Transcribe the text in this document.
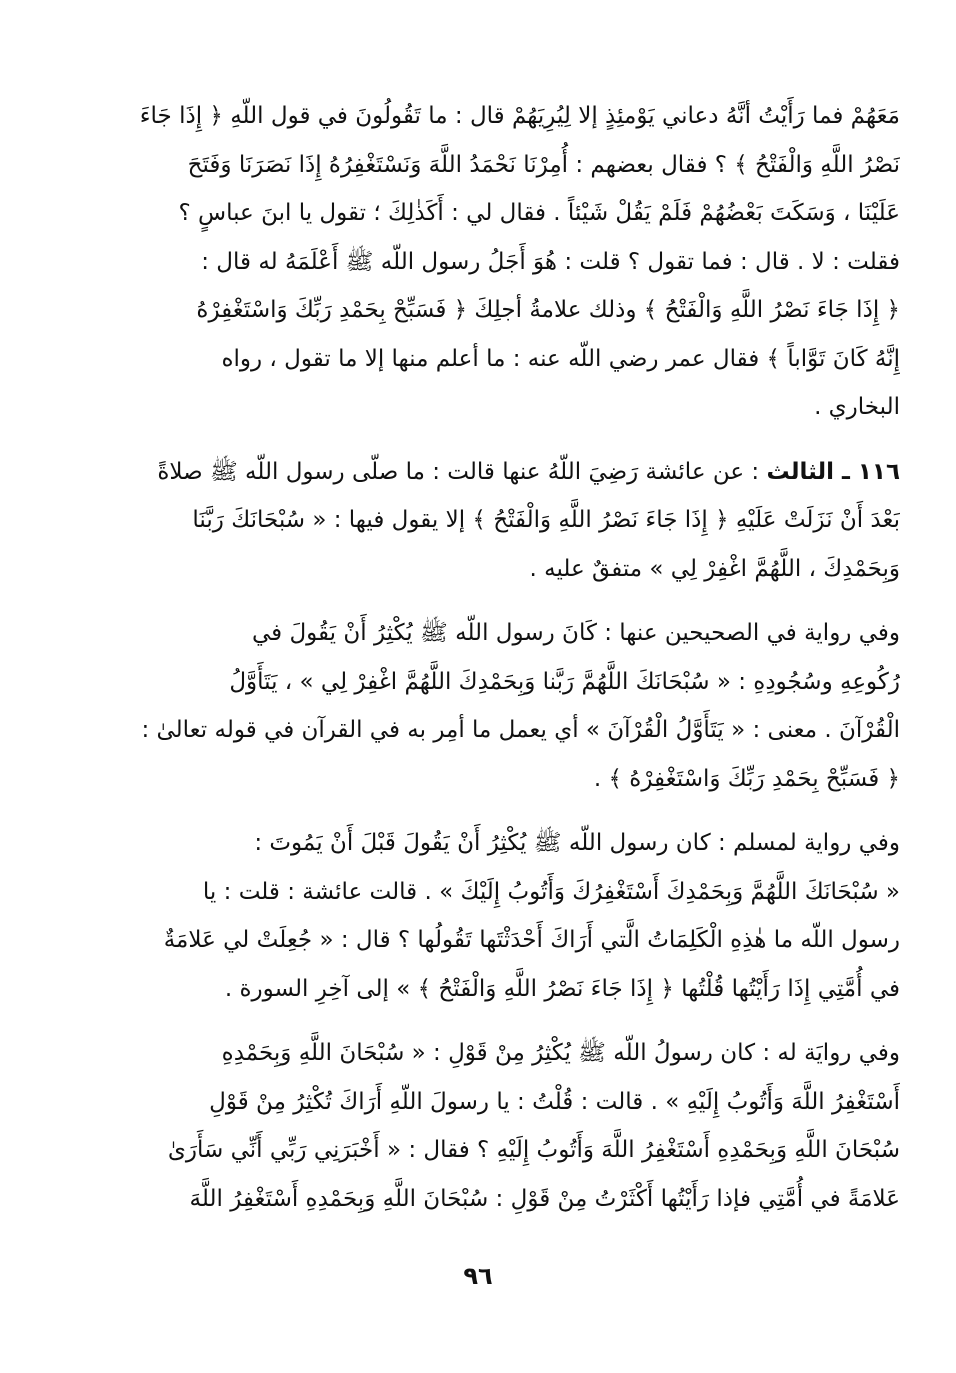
مَعَهُمْ فما رَأَيْتُ أنَّهُ دعاني يَوْمئِذٍ إلا لِيُرِيَهُمْ قال : ما تَقُولُونَ في قول اللّهِ ﴿ إِذَا جَاءَ
نَصْرُ اللَّهِ وَالْفَتْحُ ﴾ ؟ فقال بعضهم : أُمِرْنَا نَحْمَدُ اللَّهَ وَنَسْتَغْفِرُهُ إِذَا نَصَرَنَا وَفَتَحَ
عَلَيْنَا ، وَسَكَتَ بَعْضُهُمْ فَلَمْ يَقُلْ شَيْئاً . فقال لي : أَكَذٰلِكَ ؛ تقول يا ابنَ عباسٍ ؟
فقلت : لا . قال : فما تقول ؟ قلت : هُوَ أَجَلُ رسول اللّه ﷺ أَعْلَمَهُ له قال :
﴿ إِذَا جَاءَ نَصْرُ اللَّهِ وَالْفَتْحُ ﴾ وذلك علامةُ أجلِكَ ﴿ فَسَبِّحْ بِحَمْدِ رَبِّكَ وَاسْتَغْفِرْهُ
إِنَّهُ كَانَ تَوَّاباً ﴾ فقال عمر رضي اللّه عنه : ما أعلم منها إلا ما تقول ، رواه
البخاري .
١١٦ ـ الثالث : عن عائشة رَضِيَ اللّهُ عنها قالت : ما صلّى رسول اللّه ﷺ صلاةً
بَعْدَ أَنْ نَزَلَتْ عَلَيْهِ ﴿ إِذَا جَاءَ نَصْرُ اللَّهِ وَالْفَتْحُ ﴾ إلا يقول فيها : « سُبْحَانَكَ رَبَّنَا
وَبِحَمْدِكَ ، اللَّهُمَّ اغْفِرْ لِي » متفقٌ عليه .
وفي رواية في الصحيحين عنها : كَانَ رسول اللّه ﷺ يُكْثِرُ أَنْ يَقُولَ في
رُكُوعِهِ وسُجُودِهِ : « سُبْحَانَكَ اللَّهُمَّ رَبَّنا وَبِحَمْدِكَ اللَّهُمَّ اغْفِرْ لِي » ، يَتَأَوَّلُ
الْقُرْآنَ . معنى : « يَتَأَوَّلُ الْقُرْآنَ » أي يعمل ما أمِر به في القرآن في قوله تعالىٰ :
﴿ فَسَبِّحْ بِحَمْدِ رَبِّكَ وَاسْتَغْفِرْهُ ﴾ .
وفي رواية لمسلم : كان رسول اللّه ﷺ يُكْثِرُ أَنْ يَقُولَ قَبْلَ أَنْ يَمُوتَ :
« سُبْحَانَكَ اللَّهُمَّ وَبِحَمْدِكَ أَسْتَغْفِرُكَ وَأَتُوبُ إِلَيْكَ » . قالت عائشة : قلت : يا
رسول اللّه ما هٰذِهِ الْكَلِمَاتُ الَّتي أَرَاكَ أَحْدَثْتَها تَقُولُها ؟ قال : « جُعِلَتْ لي عَلامَةٌ
في أُمَّتِي إِذَا رَأَيْتُها قُلْتُها ﴿ إِذَا جَاءَ نَصْرُ اللَّهِ وَالْفَتْحُ ﴾ » إلى آخِرِ السورة .
وفي روايَة له : كان رسولُ اللّه ﷺ يُكْثِرُ مِنْ قَوْلِ : « سُبْحَانَ اللَّهِ وَبِحَمْدِهِ
أَسْتَغْفِرُ اللَّهَ وَأَتُوبُ إِلَيْهِ » . قالت : قُلْتُ : يا رسولَ اللّهِ أَرَاكَ تُكْثِرُ مِنْ قَوْلِ
سُبْحَانَ اللَّهِ وَبِحَمْدِهِ أَسْتَغْفِرُ اللَّهَ وَأَتُوبُ إِلَيْهِ ؟ فقال : « أَخْبَرَنِي رَبِّي أَنِّي سَأَرَىٰ
عَلامَةً في أُمَّتِي فإذا رَأَيْتُها أَكْثَرْتُ مِنْ قَوْلِ : سُبْحَانَ اللَّهِ وَبِحَمْدِهِ أَسْتَغْفِرُ اللَّهَ
٩٦
